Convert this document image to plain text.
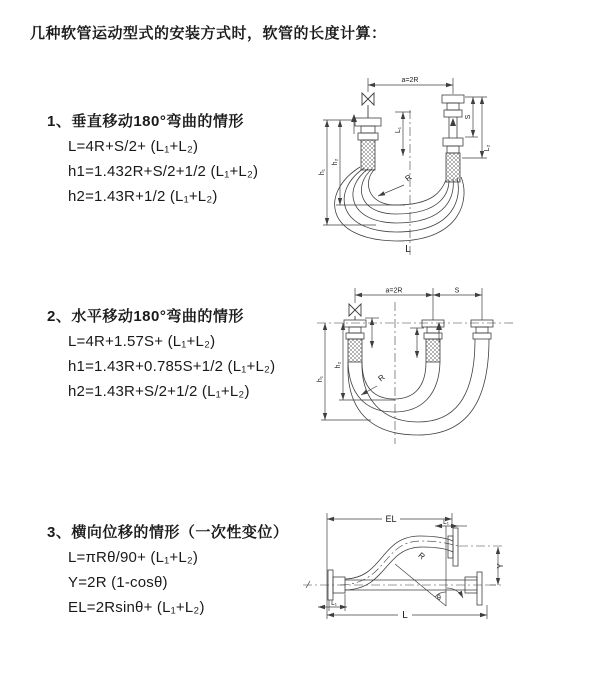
几种软管运动型式的安装方式时，软管的长度计算：
1、垂直移动180°弯曲的情形
L=4R+S/2+ (L₁+L₂)
h1=1.432R+S/2+1/2 (L₁+L₂)
h2=1.43R+1/2 (L₁+L₂)
2、水平移动180°弯曲的情形
L=4R+1.57S+ (L₁+L₂)
h1=1.43R+0.785S+1/2 (L₁+L₂)
h2=1.43R+S/2+1/2 (L₁+L₂)
3、横向位移的情形（一次性变位）
L=πRθ/90+ (L₁+L₂)
Y=2R (1-cosθ)
EL=2Rsinθ+ (L₁+L₂)
a=2R
h₁
h₂
L₁
S
L₂
R
L
a=2R	S
h₁
h₂
R
EL	L₁
L₁
Y
R
θ
L
